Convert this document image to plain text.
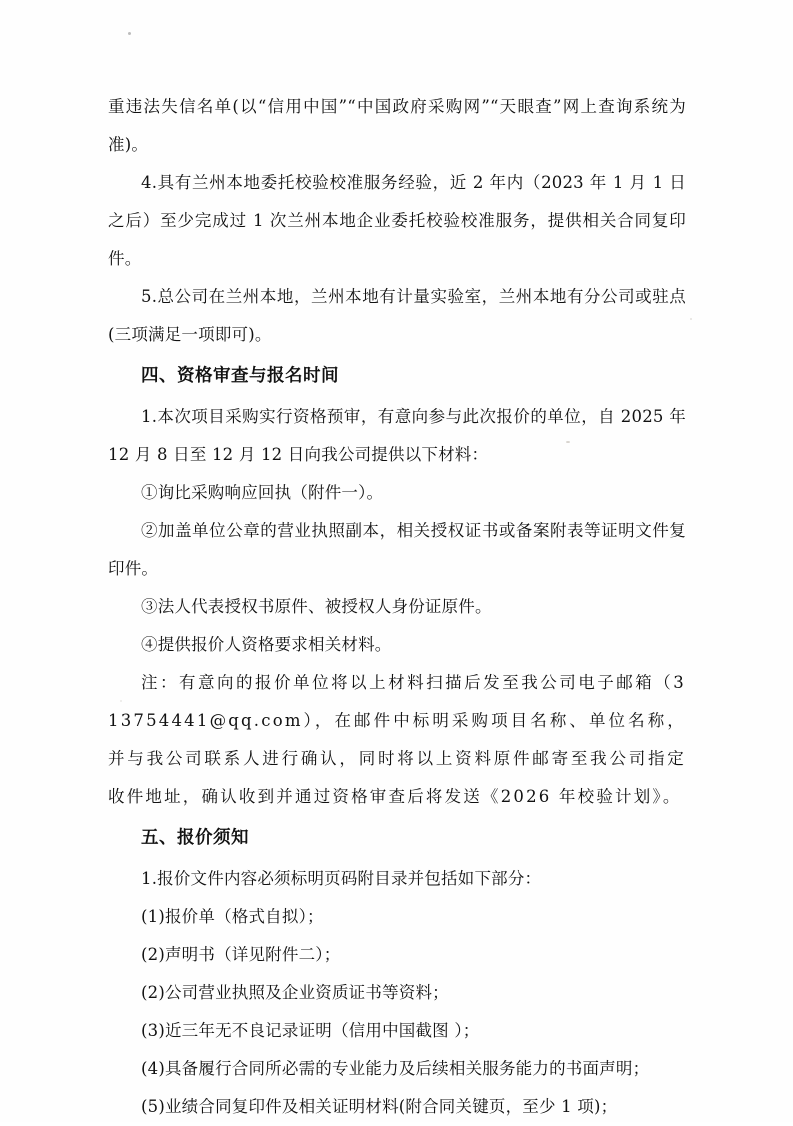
重违法失信名单(以“信用中国”“中国政府采购网”“天眼查”网上查询系统为准)。

4.具有兰州本地委托校验校准服务经验，近 2 年内（2023 年 1 月 1 日之后）至少完成过 1 次兰州本地企业委托校验校准服务，提供相关合同复印件。

5.总公司在兰州本地，兰州本地有计量实验室，兰州本地有分公司或驻点(三项满足一项即可)。

四、资格审查与报名时间

1.本次项目采购实行资格预审，有意向参与此次报价的单位，自 2025 年 12 月 8 日至 12 月 12 日向我公司提供以下材料：

①询比采购响应回执（附件一）。

②加盖单位公章的营业执照副本，相关授权证书或备案附表等证明文件复印件。

③法人代表授权书原件、被授权人身份证原件。

④提供报价人资格要求相关材料。

注：有意向的报价单位将以上材料扫描后发至我公司电子邮箱（313754441@qq.com），在邮件中标明采购项目名称、单位名称，并与我公司联系人进行确认，同时将以上资料原件邮寄至我公司指定收件地址，确认收到并通过资格审查后将发送《2026 年校验计划》。

五、报价须知

1.报价文件内容必须标明页码附目录并包括如下部分：

(1)报价单（格式自拟）；

(2)声明书（详见附件二）；

(2)公司营业执照及企业资质证书等资料；

(3)近三年无不良记录证明（信用中国截图 ）；

(4)具备履行合同所必需的专业能力及后续相关服务能力的书面声明；

(5)业绩合同复印件及相关证明材料(附合同关键页，至少 1 项)；
